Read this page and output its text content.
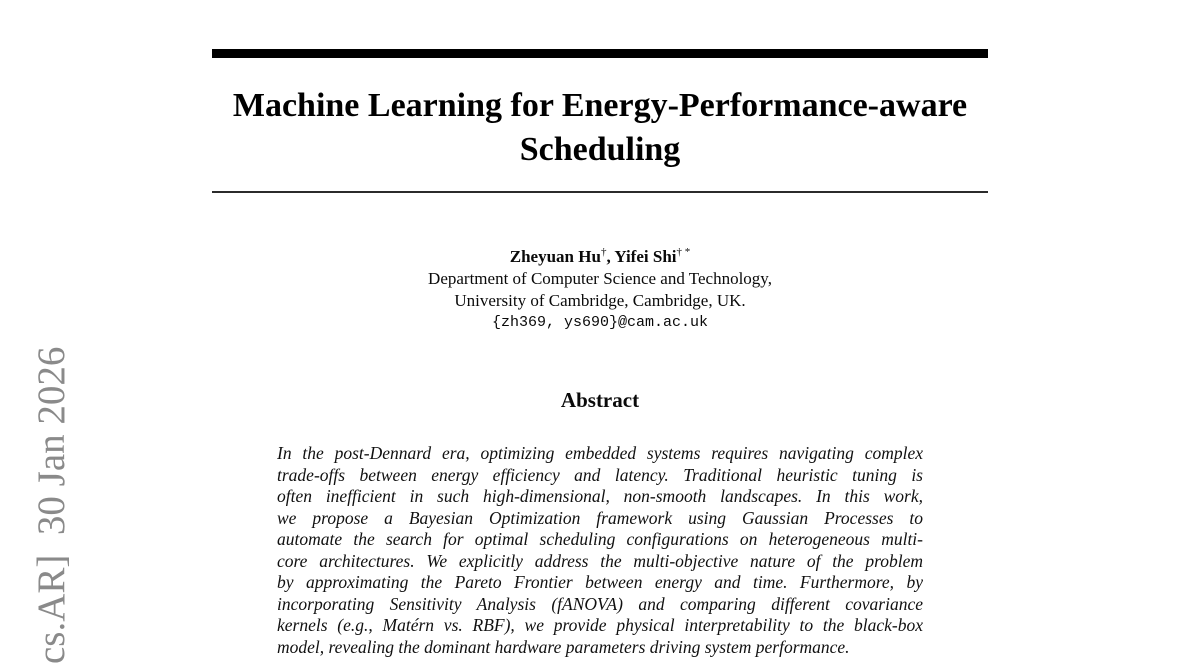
cs.AR]  30 Jan 2026
Machine Learning for Energy-Performance-aware
Scheduling
Zheyuan Hu†, Yifei Shi† *
Department of Computer Science and Technology,
University of Cambridge, Cambridge, UK.
{zh369, ys690}@cam.ac.uk
Abstract
In the post-Dennard era, optimizing embedded systems requires navigating complex
trade-offs between energy efficiency and latency. Traditional heuristic tuning is
often inefficient in such high-dimensional, non-smooth landscapes. In this work,
we propose a Bayesian Optimization framework using Gaussian Processes to
automate the search for optimal scheduling configurations on heterogeneous multi-
core architectures. We explicitly address the multi-objective nature of the problem
by approximating the Pareto Frontier between energy and time. Furthermore, by
incorporating Sensitivity Analysis (fANOVA) and comparing different covariance
kernels (e.g., Matérn vs. RBF), we provide physical interpretability to the black-box
model, revealing the dominant hardware parameters driving system performance.
